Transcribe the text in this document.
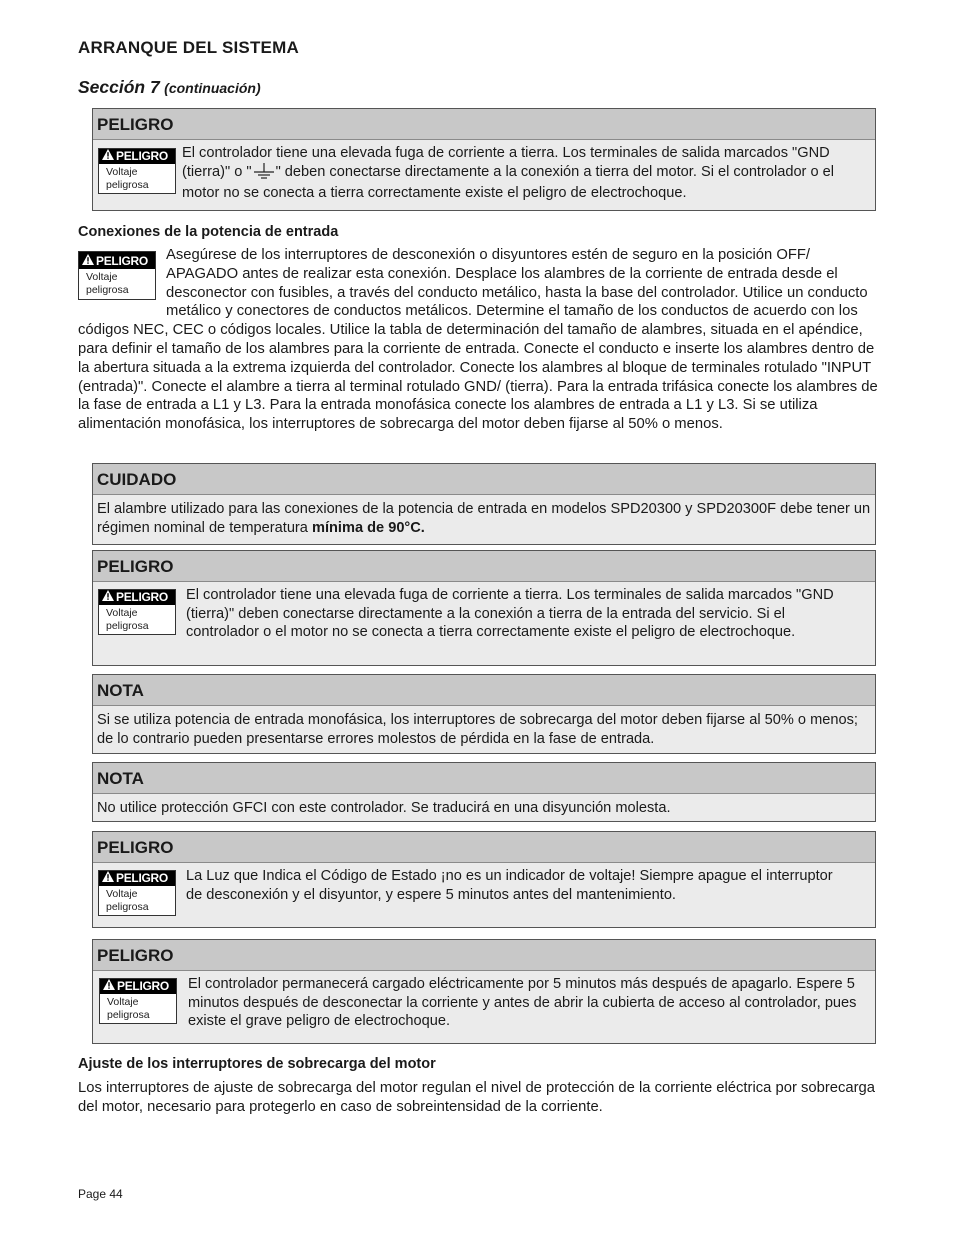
ARRANQUE DEL SISTEMA
Sección 7 (continuación)
PELIGRO
PELIGRO
Voltaje
peligrosa
El controlador tiene una elevada fuga de corriente a tierra. Los terminales de salida marcados "GND (tierra)" o " " deben conectarse directamente a la conexión a tierra del motor. Si el controlador o el motor no se conecta a tierra correctamente existe el peligro de electrochoque.
Conexiones de la potencia de entrada
PELIGRO
Voltaje
peligrosa
Asegúrese de los interruptores de desconexión o disyuntores estén de seguro en la posición OFF/ APAGADO antes de realizar esta conexión. Desplace los alambres de la corriente de entrada desde el desconector con fusibles, a través del conducto metálico, hasta la base del controlador. Utilice un conducto metálico y conectores de conductos metálicos. Determine el tamaño de los conductos de acuerdo con los códigos NEC, CEC o códigos locales. Utilice la tabla de determinación del tamaño de alambres, situada en el apéndice, para definir el tamaño de los alambres para la corriente de entrada. Conecte el conducto e inserte los alambres dentro de la abertura situada a la extrema izquierda del controlador. Conecte los alambres al bloque de terminales rotulado "INPUT (entrada)". Conecte el alambre a tierra al terminal rotulado GND/ (tierra). Para la entrada trifásica conecte los alambres de la fase de entrada a L1 y L3. Para la entrada monofásica conecte los alambres de entrada a L1 y L3. Si se utiliza alimentación monofásica, los interruptores de sobrecarga del motor deben fijarse al 50% o menos.
CUIDADO
El alambre utilizado para las conexiones de la potencia de entrada en modelos SPD20300 y SPD20300F debe tener un régimen nominal de temperatura mínima de 90°C.
PELIGRO
PELIGRO
Voltaje
peligrosa
El controlador tiene una elevada fuga de corriente a tierra. Los terminales de salida marcados "GND (tierra)" deben conectarse directamente a la conexión a tierra de la entrada del servicio. Si el controlador o el motor no se conecta a tierra correctamente existe el peligro de electrochoque.
NOTA
Si se utiliza potencia de entrada monofásica, los interruptores de sobrecarga del motor deben fijarse al 50% o menos; de lo contrario pueden presentarse errores molestos de pérdida en la fase de entrada.
NOTA
No utilice protección GFCI con este controlador. Se traducirá en una disyunción molesta.
PELIGRO
PELIGRO
Voltaje
peligrosa
La Luz que Indica el Código de Estado ¡no es un indicador de voltaje! Siempre apague el interruptor de desconexión y el disyuntor, y espere 5 minutos antes del mantenimiento.
PELIGRO
PELIGRO
Voltaje
peligrosa
El controlador permanecerá cargado eléctricamente por 5 minutos más después de apagarlo. Espere 5 minutos después de desconectar la corriente y antes de abrir la cubierta de acceso al controlador, pues existe el grave peligro de electrochoque.
Ajuste de los interruptores de sobrecarga del motor
Los interruptores de ajuste de sobrecarga del motor regulan el nivel de protección de la corriente eléctrica por sobrecarga del motor, necesario para protegerlo en caso de sobreintensidad de la corriente.
Page 44
